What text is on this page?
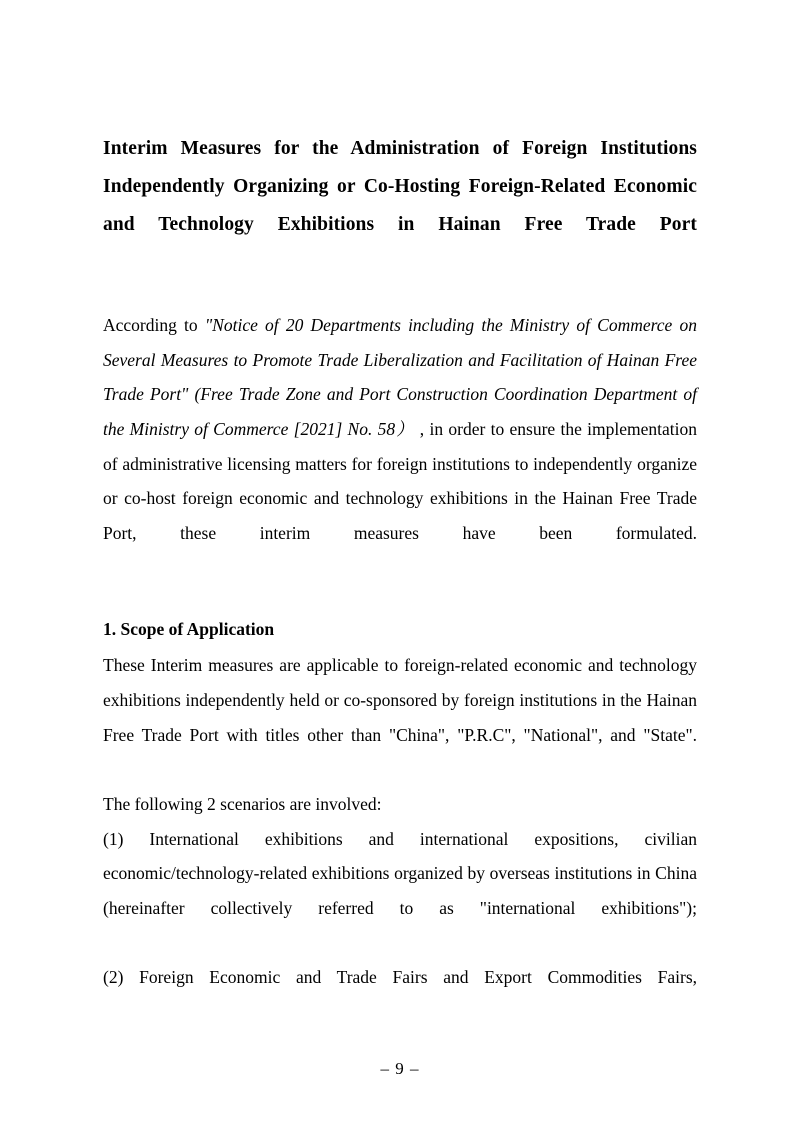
Interim Measures for the Administration of Foreign Institutions Independently Organizing or Co-Hosting Foreign-Related Economic and Technology Exhibitions in Hainan Free Trade Port

According to "Notice of 20 Departments including the Ministry of Commerce on Several Measures to Promote Trade Liberalization and Facilitation of Hainan Free Trade Port" (Free Trade Zone and Port Construction Coordination Department of the Ministry of Commerce [2021] No. 58） , in order to ensure the implementation of administrative licensing matters for foreign institutions to independently organize or co-host foreign economic and technology exhibitions in the Hainan Free Trade Port, these interim measures have been formulated.

1. Scope of Application

These Interim measures are applicable to foreign-related economic and technology exhibitions independently held or co-sponsored by foreign institutions in the Hainan Free Trade Port with titles other than "China", "P.R.C", "National", and "State".

The following 2 scenarios are involved:

(1) International exhibitions and international expositions, civilian economic/technology-related exhibitions organized by overseas institutions in China (hereinafter collectively referred to as "international exhibitions");

(2) Foreign Economic and Trade Fairs and Export Commodities Fairs,

– 9 –
